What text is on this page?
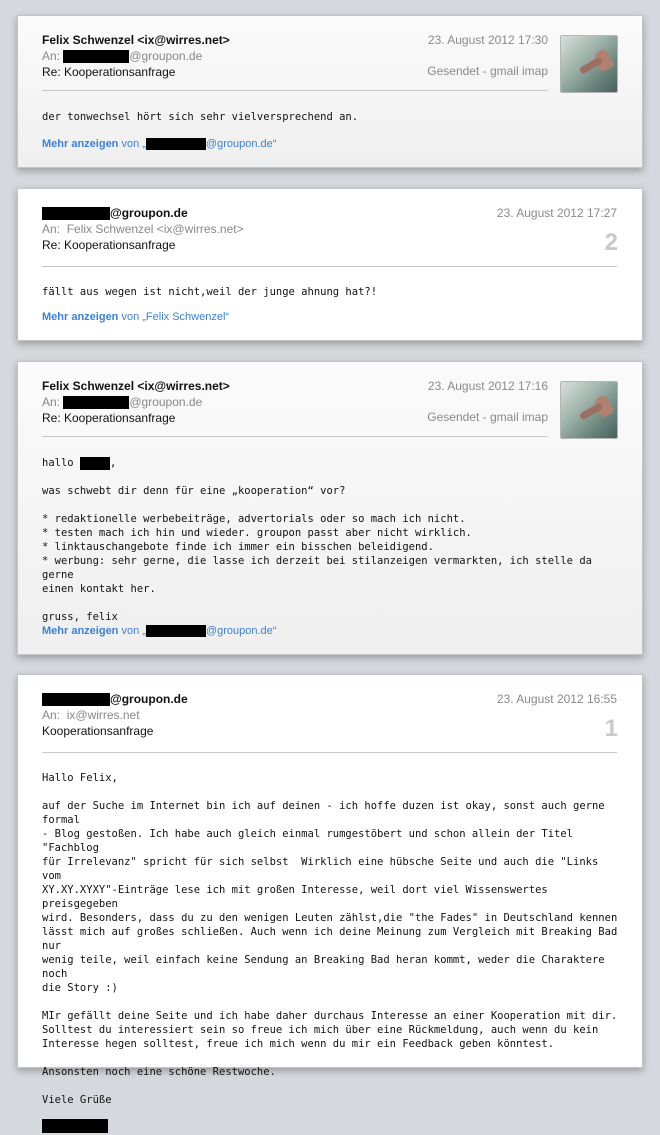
Felix Schwenzel <ix@wirres.net>
An:	@groupon.de
Re: Kooperationsanfrage
23. August 2012 17:30
Gesendet - gmail imap
der tonwechsel hört sich sehr vielversprechend an.
Mehr anzeigen von „	@groupon.de“
@groupon.de
An: Felix Schwenzel <ix@wirres.net>
Re: Kooperationsanfrage
23. August 2012 17:27
2
fällt aus wegen ist nicht,weil der junge ahnung hat?!
Mehr anzeigen von „Felix Schwenzel“
Felix Schwenzel <ix@wirres.net>
An:	@groupon.de
Re: Kooperationsanfrage
23. August 2012 17:16
Gesendet - gmail imap
hallo	,
was schwebt dir denn für eine „kooperation“ vor?

* redaktionelle werbebeiträge, advertorials oder so mach ich nicht.
* testen mach ich hin und wieder. groupon passt aber nicht wirklich.
* linktauschangebote finde ich immer ein bisschen beleidigend.
* werbung: sehr gerne, die lasse ich derzeit bei stilanzeigen vermarkten, ich stelle da gerne
einen kontakt her.

gruss, felix
Mehr anzeigen von „	@groupon.de“
@groupon.de
An: ix@wirres.net
Kooperationsanfrage
23. August 2012 16:55
1
Hallo Felix,

auf der Suche im Internet bin ich auf deinen - ich hoffe duzen ist okay, sonst auch gerne formal
- Blog gestoßen. Ich habe auch gleich einmal rumgestöbert und schon allein der Titel "Fachblog
für Irrelevanz" spricht für sich selbst  Wirklich eine hübsche Seite und auch die "Links vom
XY.XY.XYXY"-Einträge lese ich mit großen Interesse, weil dort viel Wissenswertes preisgegeben
wird. Besonders, dass du zu den wenigen Leuten zählst,die "the Fades" in Deutschland kennen
lässt mich auf großes schließen. Auch wenn ich deine Meinung zum Vergleich mit Breaking Bad nur
wenig teile, weil einfach keine Sendung an Breaking Bad heran kommt, weder die Charaktere noch
die Story :)

MIr gefällt deine Seite und ich habe daher durchaus Interesse an einer Kooperation mit dir.
Solltest du interessiert sein so freue ich mich über eine Rückmeldung, auch wenn du kein
Interesse hegen solltest, freue ich mich wenn du mir ein Feedback geben könntest.

Ansonsten noch eine schöne Restwoche.

Viele Grüße
